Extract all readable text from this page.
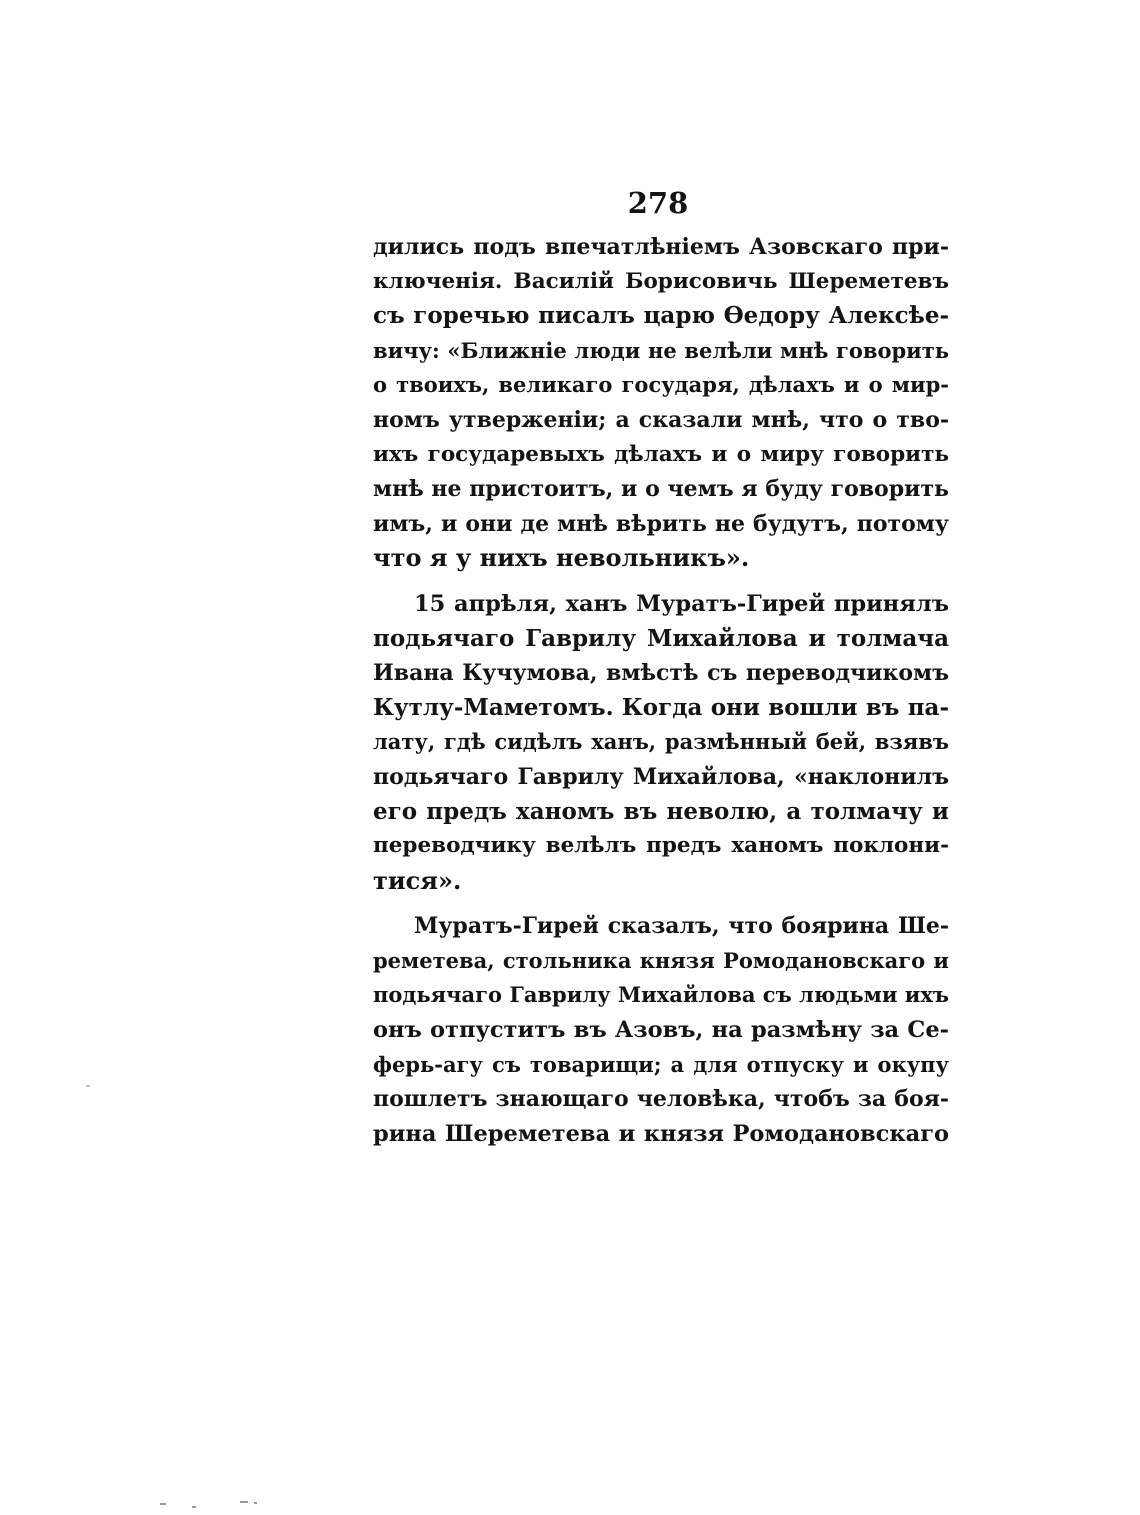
278
дились подъ впечатлѣніемъ Азовскаго при-
ключенія. Василій Борисовичь Шереметевъ
съ горечью писалъ царю Ѳедору Алексѣе-
вичу: «Ближніе люди не велѣли мнѣ говорить
о твоихъ, великаго государя, дѣлахъ и о мир-
номъ утверженіи; а сказали мнѣ, что о тво-
ихъ государевыхъ дѣлахъ и о миру говорить
мнѣ не пристоитъ, и о чемъ я буду говорить
имъ, и они де мнѣ вѣрить не будутъ, потому
что я у нихъ невольникъ».
15 апрѣля, ханъ Муратъ-Гирей принялъ
подьячаго Гаврилу Михайлова и толмача
Ивана Кучумова, вмѣстѣ съ переводчикомъ
Кутлу-Маметомъ. Когда они вошли въ па-
лату, гдѣ сидѣлъ ханъ, размѣнный бей, взявъ
подьячаго Гаврилу Михайлова, «наклонилъ
его предъ ханомъ въ неволю, а толмачу и
переводчику велѣлъ предъ ханомъ поклони-
тися».
Муратъ-Гирей сказалъ, что боярина Ше-
реметева, стольника князя Ромодановскаго и
подьячаго Гаврилу Михайлова съ людьми ихъ
онъ отпуститъ въ Азовъ, на размѣну за Се-
ферь-агу съ товарищи; а для отпуску и окупу
пошлетъ знающаго человѣка, чтобъ за боя-
рина Шереметева и князя Ромодановскаго
